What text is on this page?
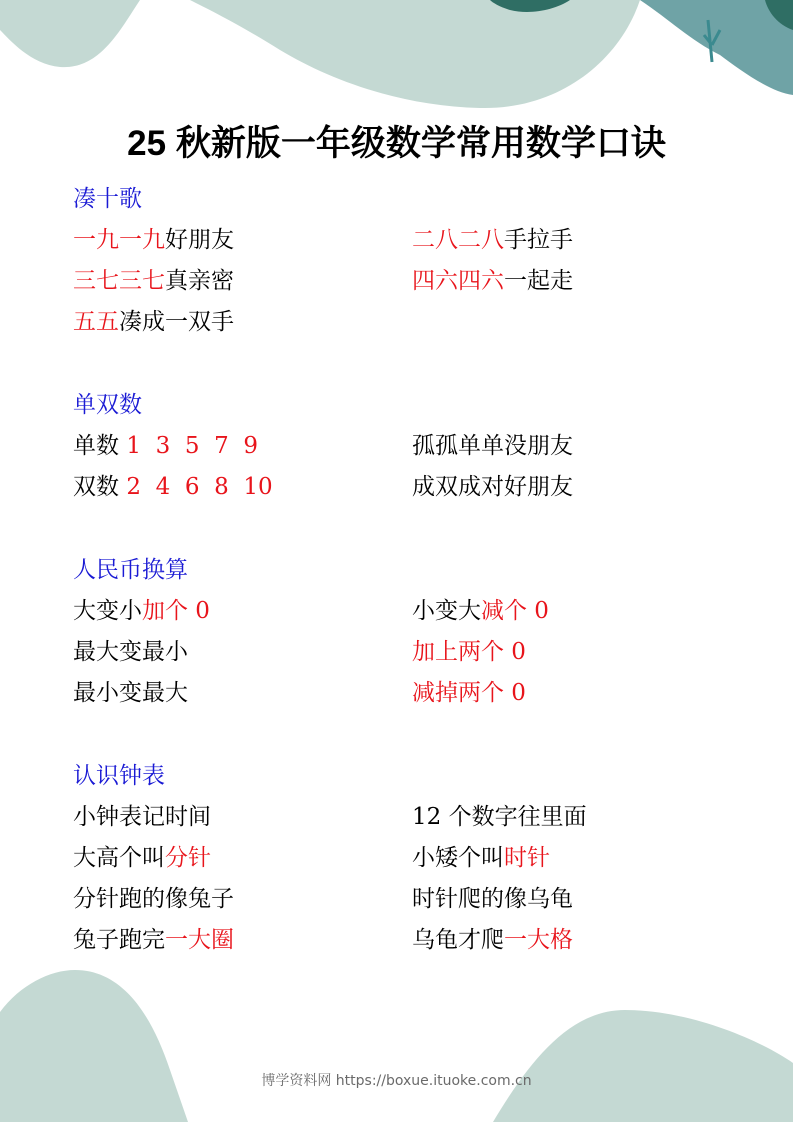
25 秋新版一年级数学常用数学口诀
凑十歌
一九一九好朋友	二八二八手拉手
三七三七真亲密	四六四六一起走
五五凑成一双手
单双数
单数 1  3  5  7  9	孤孤单单没朋友
双数 2  4  6  8  10	成双成对好朋友
人民币换算
大变小加个 0	小变大减个 0
最大变最小	加上两个 0
最小变最大	减掉两个 0
认识钟表
小钟表记时间	12 个数字往里面
大高个叫分针	小矮个叫时针
分针跑的像兔子	时针爬的像乌龟
兔子跑完一大圈	乌龟才爬一大格
博学资料网 https://boxue.ituoke.com.cn
